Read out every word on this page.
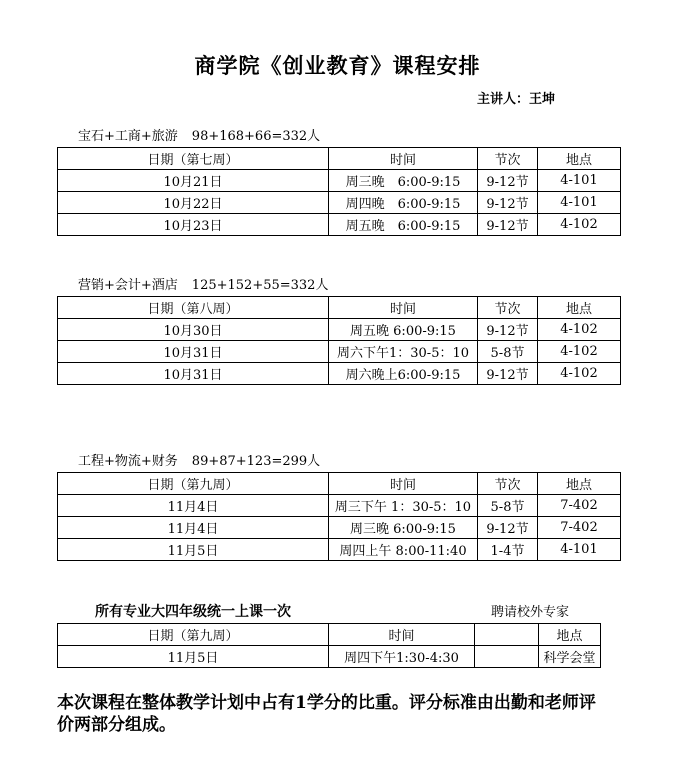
商学院《创业教育》课程安排
主讲人：王坤
宝石+工商+旅游 98+168+66=332人
日期（第七周）	时间	节次	地点
10月21日	周三晚　6:00-9:15	9-12节	4-101
10月22日	周四晚　6:00-9:15	9-12节	4-101
10月23日	周五晚　6:00-9:15	9-12节	4-102
营销+会计+酒店 125+152+55=332人
日期（第八周）	时间	节次	地点
10月30日	周五晚 6:00-9:15	9-12节	4-102
10月31日	周六下午1：30-5：10	5-8节	4-102
10月31日	周六晚上6:00-9:15	9-12节	4-102
工程+物流+财务 89+87+123=299人
日期（第九周）	时间	节次	地点
11月4日	周三下午 1：30-5：10	5-8节	7-402
11月4日	周三晚 6:00-9:15	9-12节	7-402
11月5日	周四上午 8:00-11:40	1-4节	4-101
所有专业大四年级统一上课一次	聘请校外专家
日期（第九周）	时间		地点
11月5日	周四下午1:30-4:30		科学会堂
本次课程在整体教学计划中占有1学分的比重。评分标准由出勤和老师评价两部分组成。
